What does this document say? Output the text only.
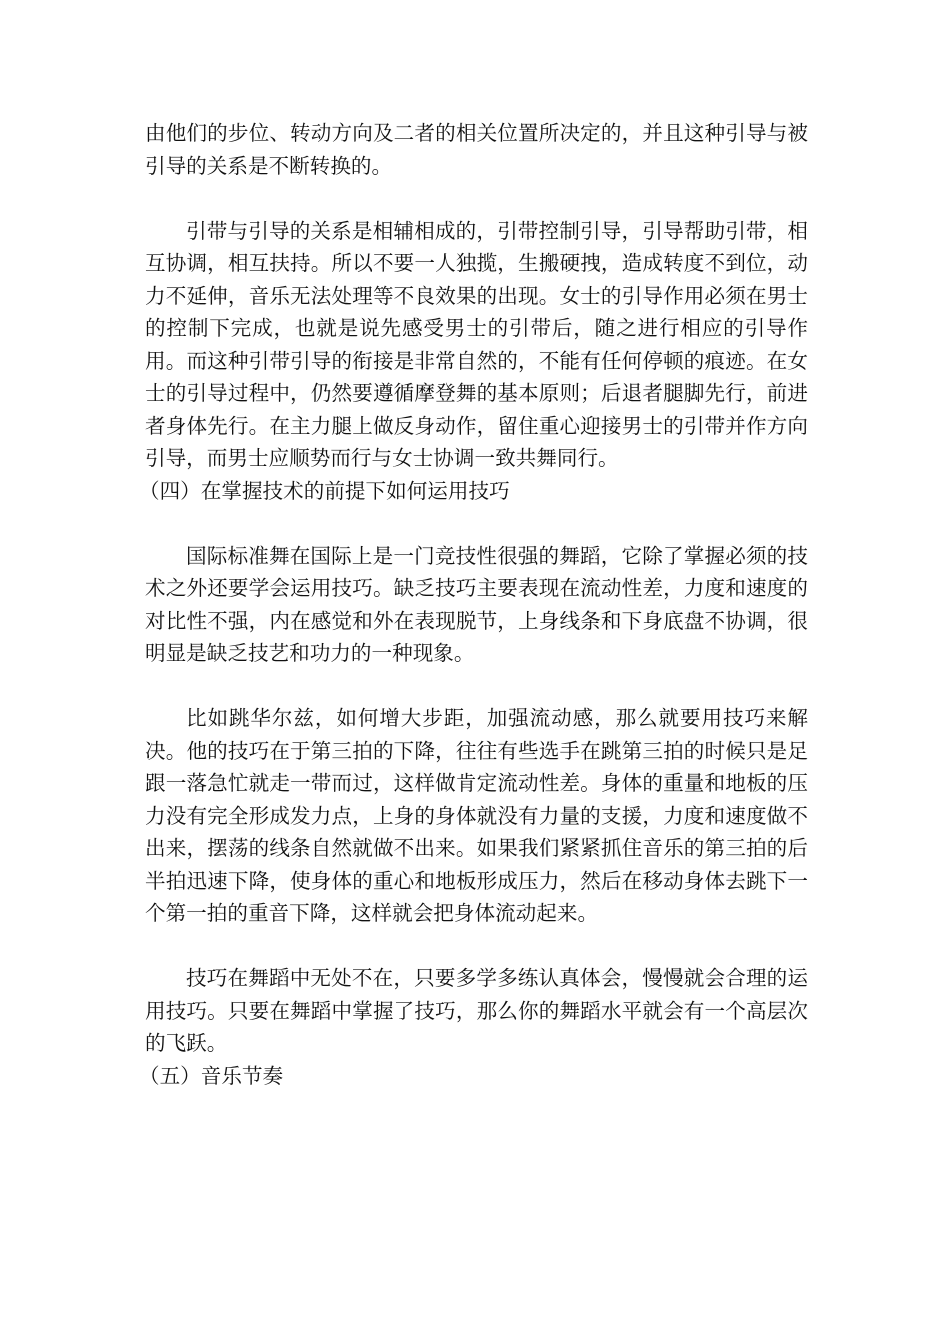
由他们的步位、转动方向及二者的相关位置所决定的，并且这种引导与被引导的关系是不断转换的。

引带与引导的关系是相辅相成的，引带控制引导，引导帮助引带，相互协调，相互扶持。所以不要一人独揽，生搬硬拽，造成转度不到位，动力不延伸，音乐无法处理等不良效果的出现。女士的引导作用必须在男士的控制下完成，也就是说先感受男士的引带后，随之进行相应的引导作用。而这种引带引导的衔接是非常自然的，不能有任何停顿的痕迹。在女士的引导过程中，仍然要遵循摩登舞的基本原则；后退者腿脚先行，前进者身体先行。在主力腿上做反身动作，留住重心迎接男士的引带并作方向引导，而男士应顺势而行与女士协调一致共舞同行。

（四）在掌握技术的前提下如何运用技巧

国际标准舞在国际上是一门竞技性很强的舞蹈，它除了掌握必须的技术之外还要学会运用技巧。缺乏技巧主要表现在流动性差，力度和速度的对比性不强，内在感觉和外在表现脱节，上身线条和下身底盘不协调，很明显是缺乏技艺和功力的一种现象。

比如跳华尔兹，如何增大步距，加强流动感，那么就要用技巧来解决。他的技巧在于第三拍的下降，往往有些选手在跳第三拍的时候只是足跟一落急忙就走一带而过，这样做肯定流动性差。身体的重量和地板的压力没有完全形成发力点，上身的身体就没有力量的支援，力度和速度做不出来，摆荡的线条自然就做不出来。如果我们紧紧抓住音乐的第三拍的后半拍迅速下降，使身体的重心和地板形成压力，然后在移动身体去跳下一个第一拍的重音下降，这样就会把身体流动起来。

技巧在舞蹈中无处不在，只要多学多练认真体会，慢慢就会合理的运用技巧。只要在舞蹈中掌握了技巧，那么你的舞蹈水平就会有一个高层次的飞跃。

（五）音乐节奏
